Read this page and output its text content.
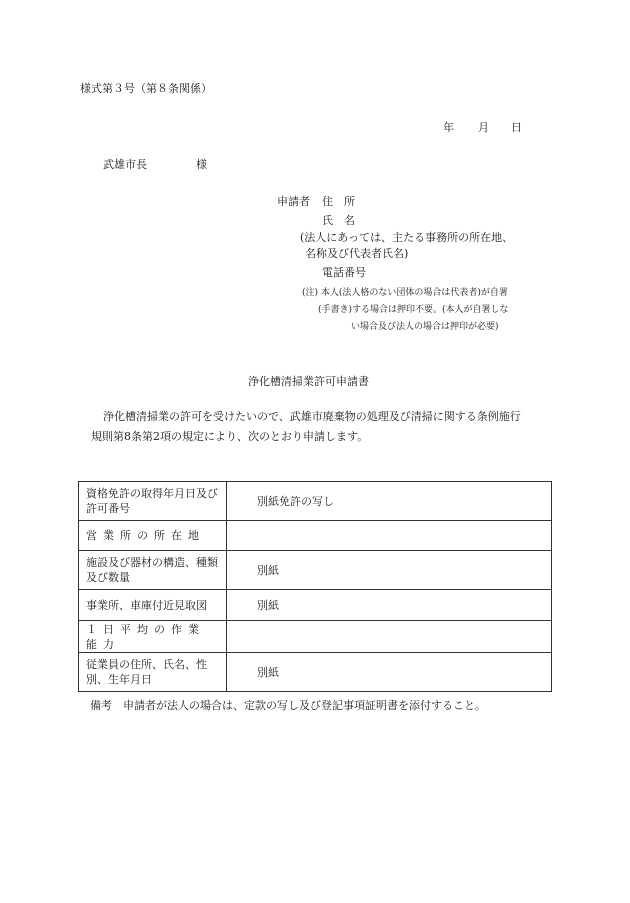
様式第３号（第８条関係）
年 月 日
武雄市長	様
申請者 住　所
氏　名
(法人にあっては、主たる事務所の所在地、
名称及び代表者氏名)
電話番号
(注) 本人(法人格のない団体の場合は代表者)が自署
(手書き)する場合は押印不要。(本人が自署しな
い場合及び法人の場合は押印が必要)
浄化槽清掃業許可申請書
浄化槽清掃業の許可を受けたいので、武雄市廃棄物の処理及び清掃に関する条例施行
規則第8条第2項の規定により、次のとおり申請します。
資格免許の取得年月日及び許可番号	別紙免許の写し
営業所の所在地	
施設及び器材の構造、種類及び数量	別紙
事業所、車庫付近見取図	別紙
１日平均の作業能力	
従業員の住所、氏名、性別、生年月日	別紙
備考　申請者が法人の場合は、定款の写し及び登記事項証明書を添付すること。
